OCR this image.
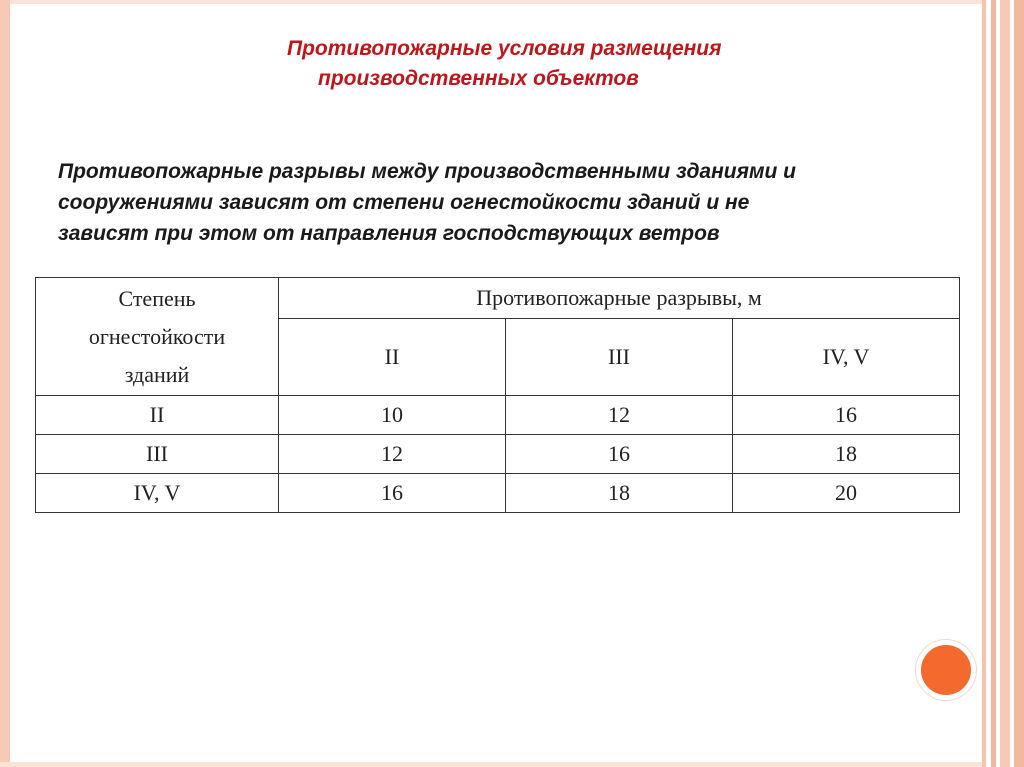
Противопожарные условия размещения
производственных объектов
Противопожарные разрывы между производственными зданиями и
сооружениями зависят от степени огнестойкости зданий и не
зависят при этом от направления господствующих ветров
Степень
огнестойкости
зданий	Противопожарные разрывы, м		
	II	III	IV, V
II	10	12	16
III	12	16	18
IV, V	16	18	20
